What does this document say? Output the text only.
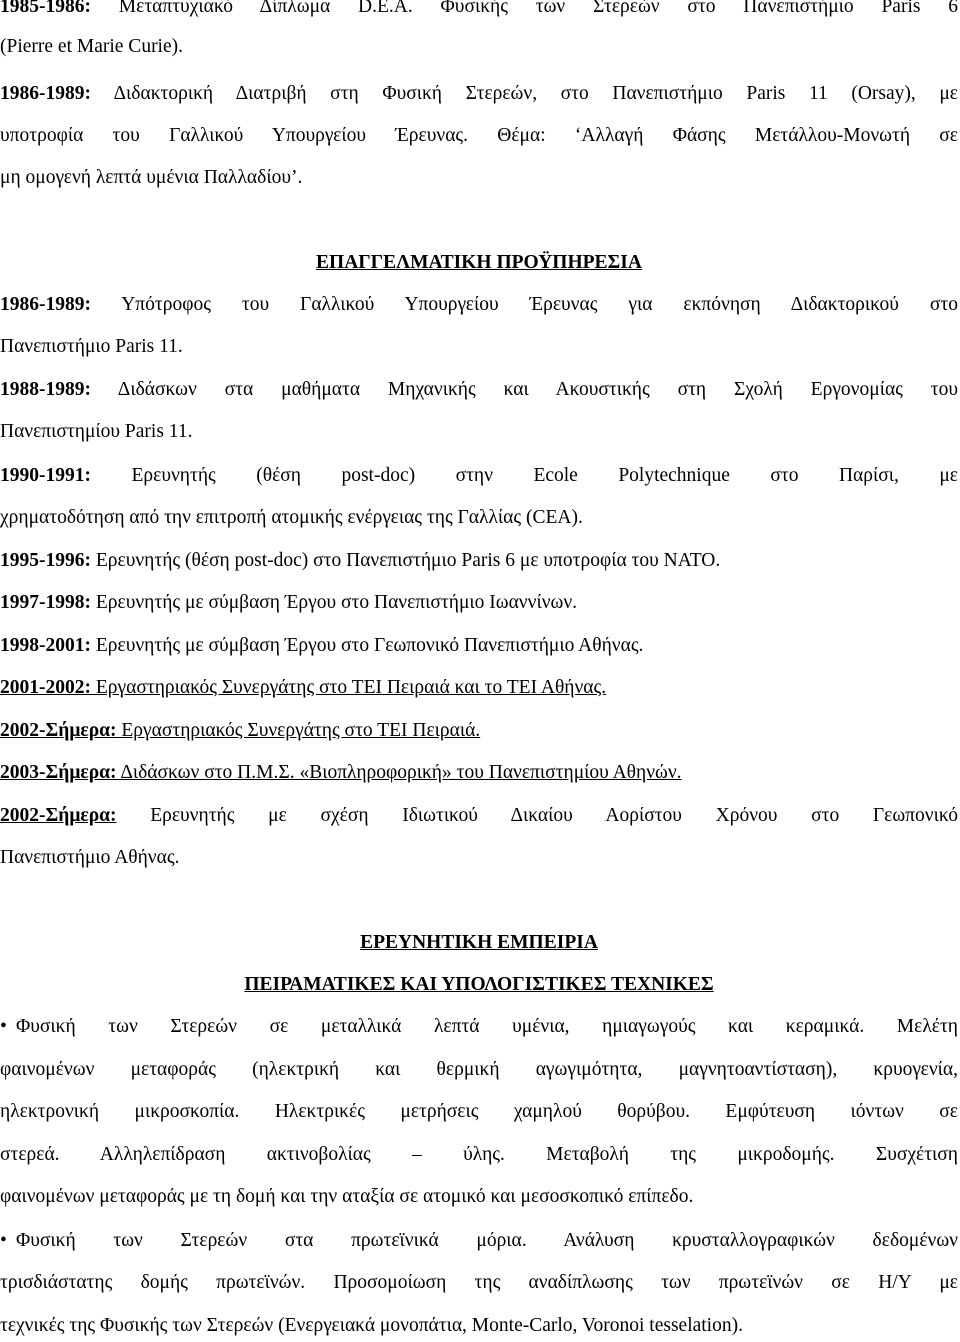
1985-1986: Μεταπτυχιακό Δίπλωμα D.E.A. Φυσικής των Στερεών στο Πανεπιστήμιο Paris 6
(Pierre et Marie Curie).
1986-1989: Διδακτορική Διατριβή στη Φυσική Στερεών, στο Πανεπιστήμιο Paris 11 (Orsay), με
υποτροφία του Γαλλικού Υπουργείου Έρευνας. Θέμα: ‘Αλλαγή Φάσης Μετάλλου-Μονωτή σε
μη ομογενή λεπτά υμένια Παλλαδίου’.
ΕΠΑΓΓΕΛΜΑΤΙΚΗ ΠΡΟΫΠΗΡΕΣΙΑ
1986-1989: Υπότροφος του Γαλλικού Υπουργείου Έρευνας για εκπόνηση Διδακτορικού στο
Πανεπιστήμιο Paris 11.
1988-1989: Διδάσκων στα μαθήματα Μηχανικής και Ακουστικής στη Σχολή Εργονομίας του
Πανεπιστημίου Paris 11.
1990-1991: Ερευνητής (θέση post-doc) στην Ecole Polytechnique στο Παρίσι, με
χρηματοδότηση από την επιτροπή ατομικής ενέργειας της Γαλλίας (CEA).
1995-1996: Ερευνητής (θέση post-doc) στο Πανεπιστήμιο Paris 6 με υποτροφία του ΝΑΤΟ.
1997-1998: Ερευνητής με σύμβαση Έργου στο Πανεπιστήμιο Ιωαννίνων.
1998-2001: Ερευνητής με σύμβαση Έργου στο Γεωπονικό Πανεπιστήμιο Αθήνας.
2001-2002: Εργαστηριακός Συνεργάτης στο ΤΕΙ Πειραιά και το ΤΕΙ Αθήνας.
2002-Σήμερα: Εργαστηριακός Συνεργάτης στο ΤΕΙ Πειραιά.
2003-Σήμερα: Διδάσκων στο Π.Μ.Σ. «Βιοπληροφορική» του Πανεπιστημίου Αθηνών.
2002-Σήμερα: Ερευνητής με σχέση Ιδιωτικού Δικαίου Αορίστου Χρόνου στο Γεωπονικό
Πανεπιστήμιο Αθήνας.
ΕΡΕΥΝΗΤΙΚΗ ΕΜΠΕΙΡΙΑ
ΠΕΙΡΑΜΑΤΙΚΕΣ ΚΑΙ ΥΠΟΛΟΓΙΣΤΙΚΕΣ ΤΕΧΝΙΚΕΣ
• Φυσική των Στερεών σε μεταλλικά λεπτά υμένια, ημιαγωγούς και κεραμικά. Μελέτη
φαινομένων μεταφοράς (ηλεκτρική και θερμική αγωγιμότητα, μαγνητοαντίσταση), κρυογενία,
ηλεκτρονική μικροσκοπία. Ηλεκτρικές μετρήσεις χαμηλού θορύβου. Εμφύτευση ιόντων σε
στερεά. Αλληλεπίδραση ακτινοβολίας – ύλης. Μεταβολή της μικροδομής. Συσχέτιση
φαινομένων μεταφοράς με τη δομή και την αταξία σε ατομικό και μεσοσκοπικό επίπεδο.
• Φυσική των Στερεών στα πρωτεϊνικά μόρια. Ανάλυση κρυσταλλογραφικών δεδομένων
τρισδιάστατης δομής πρωτεϊνών. Προσομοίωση της αναδίπλωσης των πρωτεϊνών σε Η/Υ με
τεχνικές της Φυσικής των Στερεών (Ενεργειακά μονοπάτια, Monte-Carlo, Voronoi tesselation).
